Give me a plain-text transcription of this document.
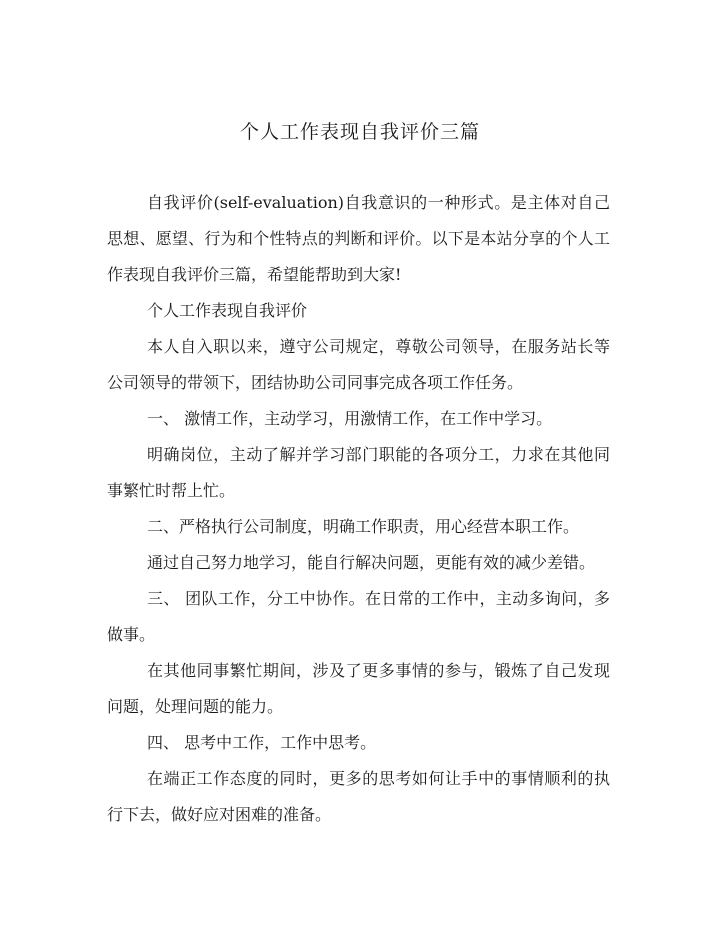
个人工作表现自我评价三篇

自我评价(self-evaluation)自我意识的一种形式。是主体对自己思想、愿望、行为和个性特点的判断和评价。以下是本站分享的个人工作表现自我评价三篇，希望能帮助到大家!

个人工作表现自我评价

本人自入职以来，遵守公司规定，尊敬公司领导，在服务站长等公司领导的带领下，团结协助公司同事完成各项工作任务。

一、 激情工作，主动学习，用激情工作，在工作中学习。

明确岗位，主动了解并学习部门职能的各项分工，力求在其他同事繁忙时帮上忙。

二、严格执行公司制度，明确工作职责，用心经营本职工作。

通过自己努力地学习，能自行解决问题，更能有效的减少差错。

三、 团队工作，分工中协作。在日常的工作中，主动多询问，多做事。

在其他同事繁忙期间，涉及了更多事情的参与，锻炼了自己发现问题，处理问题的能力。

四、 思考中工作，工作中思考。

在端正工作态度的同时，更多的思考如何让手中的事情顺利的执行下去，做好应对困难的准备。
